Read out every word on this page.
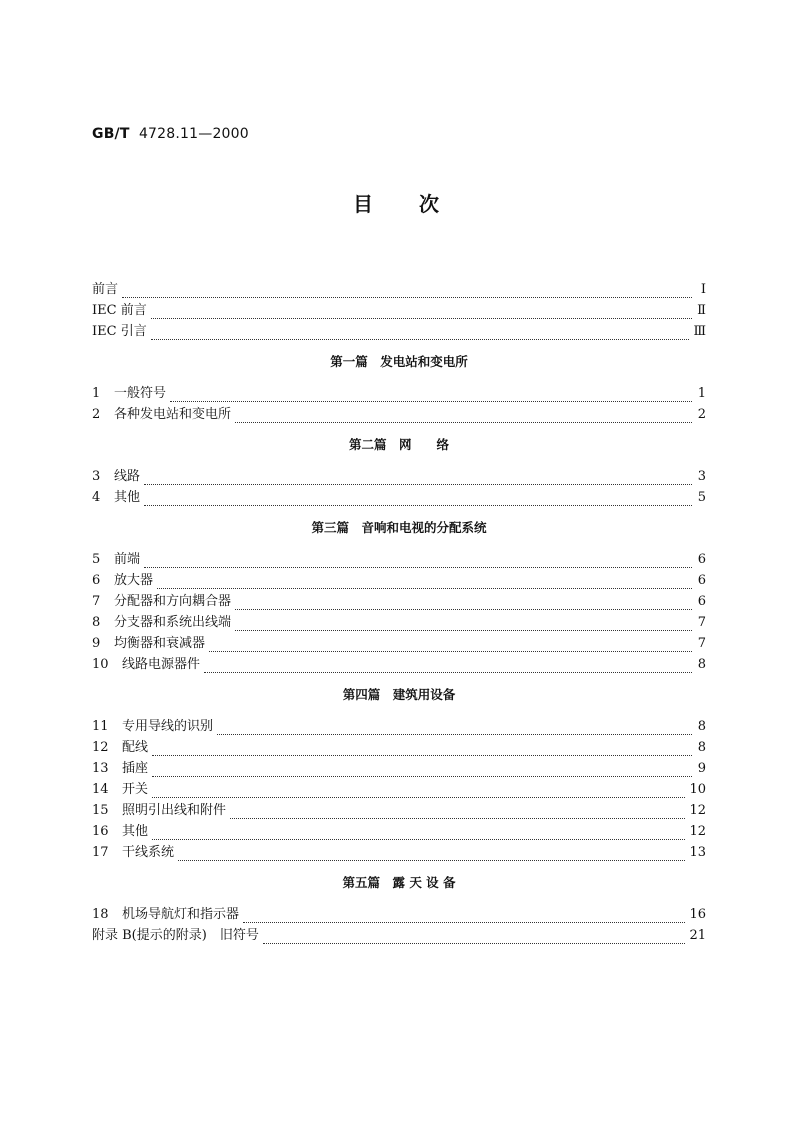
GB/T 4728.11—2000
目　　次
前言	Ⅰ
IEC 前言	Ⅱ
IEC 引言	Ⅲ
第一篇　发电站和变电所
1	一般符号	1
2	各种发电站和变电所	2
第二篇　网　　络
3	线路	3
4	其他	5
第三篇　音响和电视的分配系统
5	前端	6
6	放大器	6
7	分配器和方向耦合器	6
8	分支器和系统出线端	7
9	均衡器和衰减器	7
10	线路电源器件	8
第四篇　建筑用设备
11	专用导线的识别	8
12	配线	8
13	插座	9
14	开关	10
15	照明引出线和附件	12
16	其他	12
17	干线系统	13
第五篇　露 天 设 备
18	机场导航灯和指示器	16
附录 B(提示的附录)　旧符号	21
